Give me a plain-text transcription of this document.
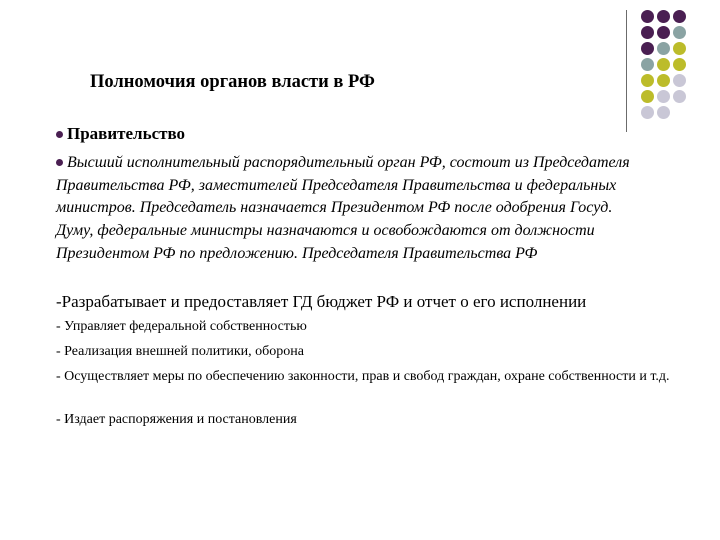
Полномочия органов власти в РФ
Правительство

Высший исполнительный распорядительный орган РФ, состоит из Председателя Правительства РФ, заместителей Председателя Правительства и федеральных министров. Председатель назначается Президентом РФ после одобрения Госуд. Думу, федеральные министры назначаются и освобождаются от должности Президентом РФ по предложению. Председателя Правительства РФ

-Разрабатывает и предоставляет ГД бюджет РФ и отчет о его исполнении

- Управляет федеральной собственностью

- Реализация внешней политики, оборона

- Осуществляет меры по обеспечению законности, прав и свобод граждан, охране собственности и т.д.

- Издает распоряжения и постановления
